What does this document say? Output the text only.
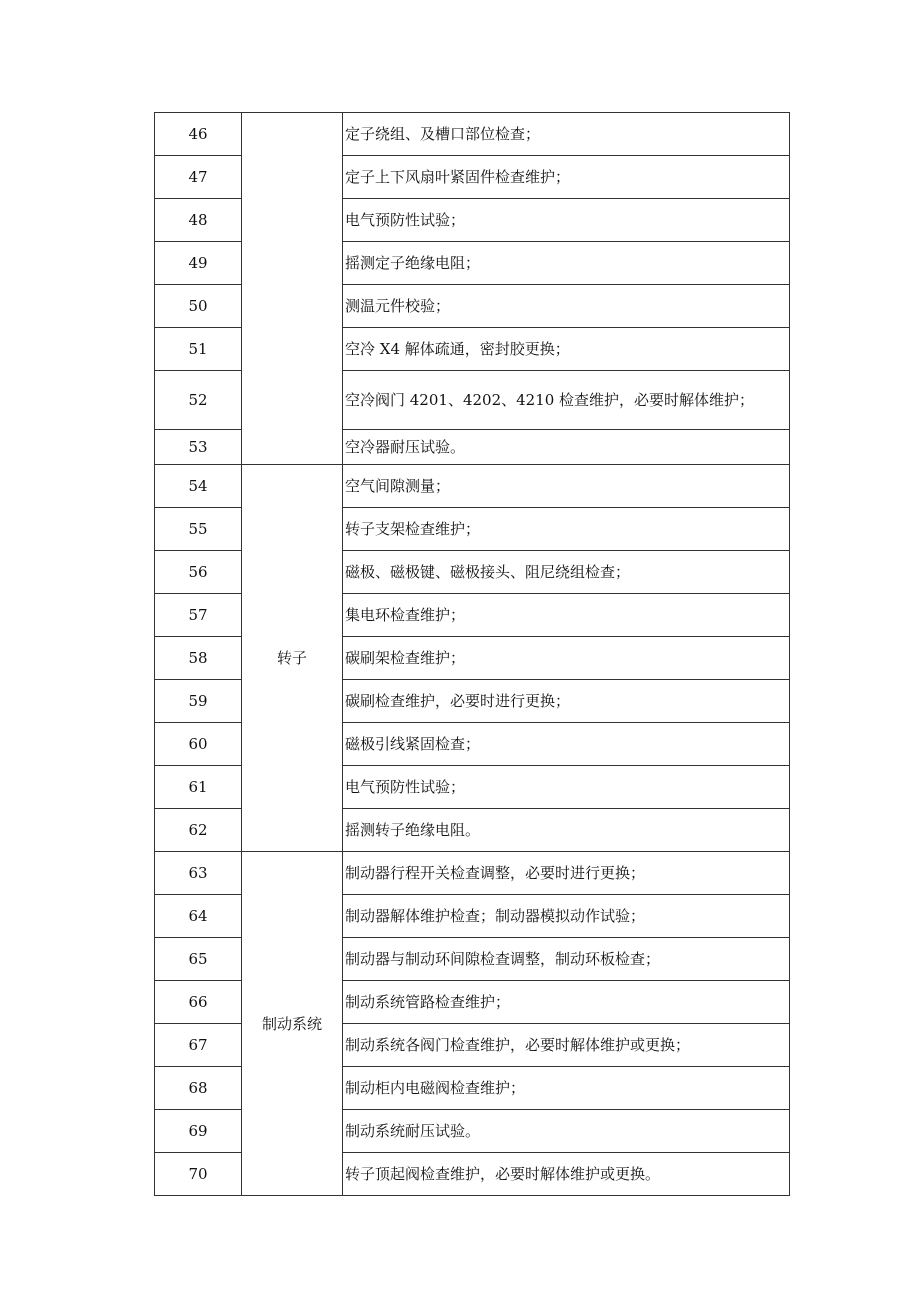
46		定子绕组、及槽口部位检查；
47		定子上下风扇叶紧固件检查维护；
48		电气预防性试验；
49		摇测定子绝缘电阻；
50		测温元件校验；
51		空冷 X4 解体疏通，密封胶更换；
52		空冷阀门 4201、4202、4210 检查维护，必要时解体维护；
53		空冷器耐压试验。
54	转子	空气间隙测量；
55		转子支架检查维护；
56		磁极、磁极键、磁极接头、阻尼绕组检查；
57		集电环检查维护；
58		碳刷架检查维护；
59		碳刷检查维护，必要时进行更换；
60		磁极引线紧固检查；
61		电气预防性试验；
62		摇测转子绝缘电阻。
63	制动系统	制动器行程开关检查调整，必要时进行更换；
64		制动器解体维护检查；制动器模拟动作试验；
65		制动器与制动环间隙检查调整，制动环板检查；
66		制动系统管路检查维护；
67		制动系统各阀门检查维护，必要时解体维护或更换；
68		制动柜内电磁阀检查维护；
69		制动系统耐压试验。
70		转子顶起阀检查维护，必要时解体维护或更换。
